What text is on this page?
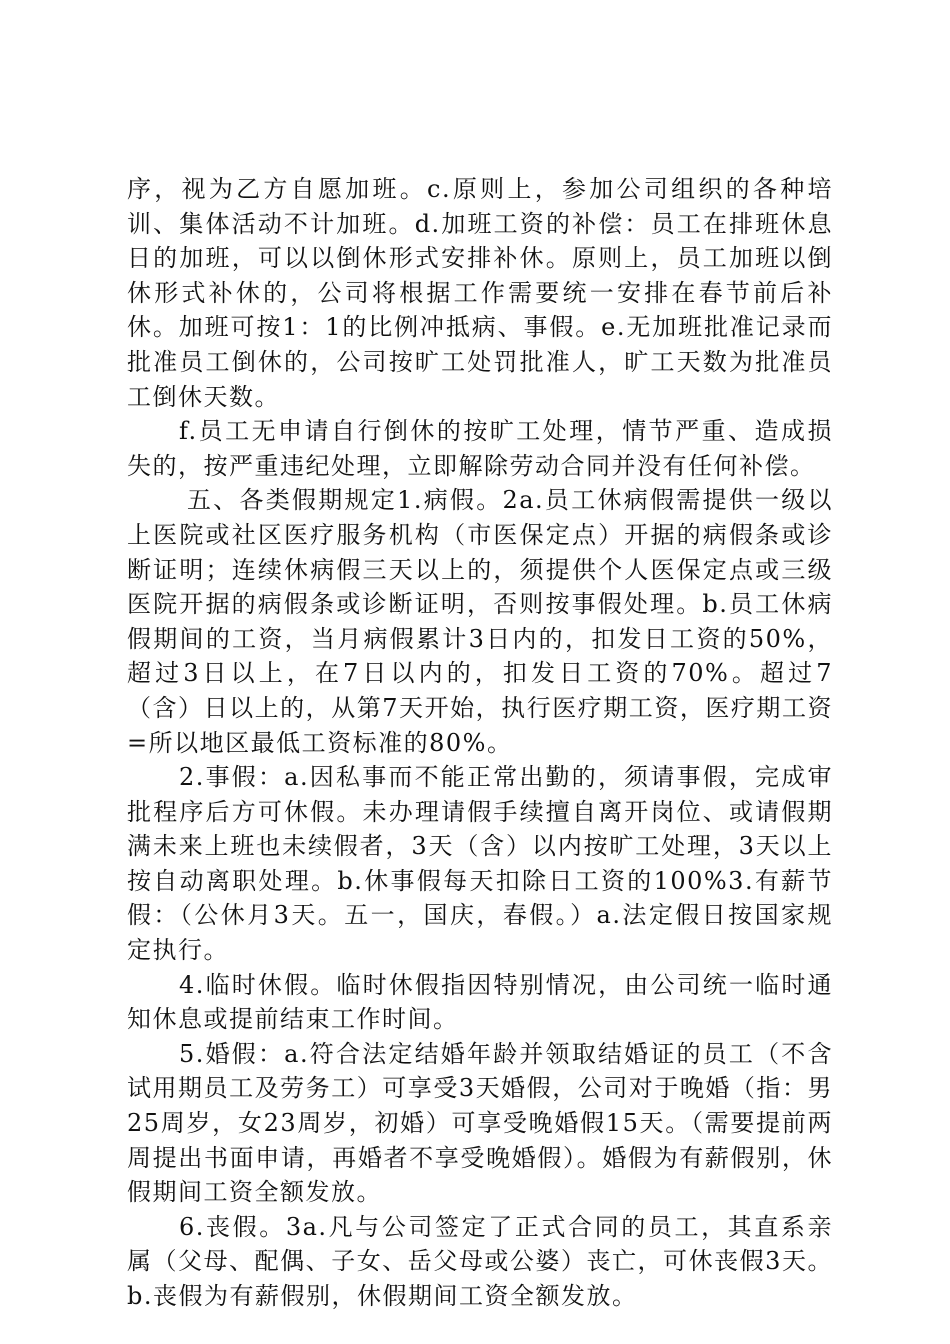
序，视为乙方自愿加班。c.原则上，参加公司组织的各种培训、集体活动不计加班。d.加班工资的补偿：员工在排班休息日的加班，可以以倒休形式安排补休。原则上，员工加班以倒休形式补休的，公司将根据工作需要统一安排在春节前后补休。加班可按1：1的比例冲抵病、事假。e.无加班批准记录而批准员工倒休的，公司按旷工处罚批准人，旷工天数为批准员工倒休天数。

f.员工无申请自行倒休的按旷工处理，情节严重、造成损失的，按严重违纪处理，立即解除劳动合同并没有任何补偿。

五、各类假期规定1.病假。2a.员工休病假需提供一级以上医院或社区医疗服务机构（市医保定点）开据的病假条或诊断证明；连续休病假三天以上的，须提供个人医保定点或三级医院开据的病假条或诊断证明，否则按事假处理。b.员工休病假期间的工资，当月病假累计3日内的，扣发日工资的50%，超过3日以上，在7日以内的，扣发日工资的70%。超过7（含）日以上的，从第7天开始，执行医疗期工资，医疗期工资=所以地区最低工资标准的80%。

2.事假：a.因私事而不能正常出勤的，须请事假，完成审批程序后方可休假。未办理请假手续擅自离开岗位、或请假期满未来上班也未续假者，3天（含）以内按旷工处理，3天以上按自动离职处理。b.休事假每天扣除日工资的100%3.有薪节假：（公休月3天。五一，国庆，春假。）a.法定假日按国家规定执行。

4.临时休假。临时休假指因特别情况，由公司统一临时通知休息或提前结束工作时间。

5.婚假：a.符合法定结婚年龄并领取结婚证的员工（不含试用期员工及劳务工）可享受3天婚假，公司对于晚婚（指：男25周岁，女23周岁，初婚）可享受晚婚假15天。（需要提前两周提出书面申请，再婚者不享受晚婚假）。婚假为有薪假别，休假期间工资全额发放。

6.丧假。3a.凡与公司签定了正式合同的员工，其直系亲属（父母、配偶、子女、岳父母或公婆）丧亡，可休丧假3天。b.丧假为有薪假别，休假期间工资全额发放。
